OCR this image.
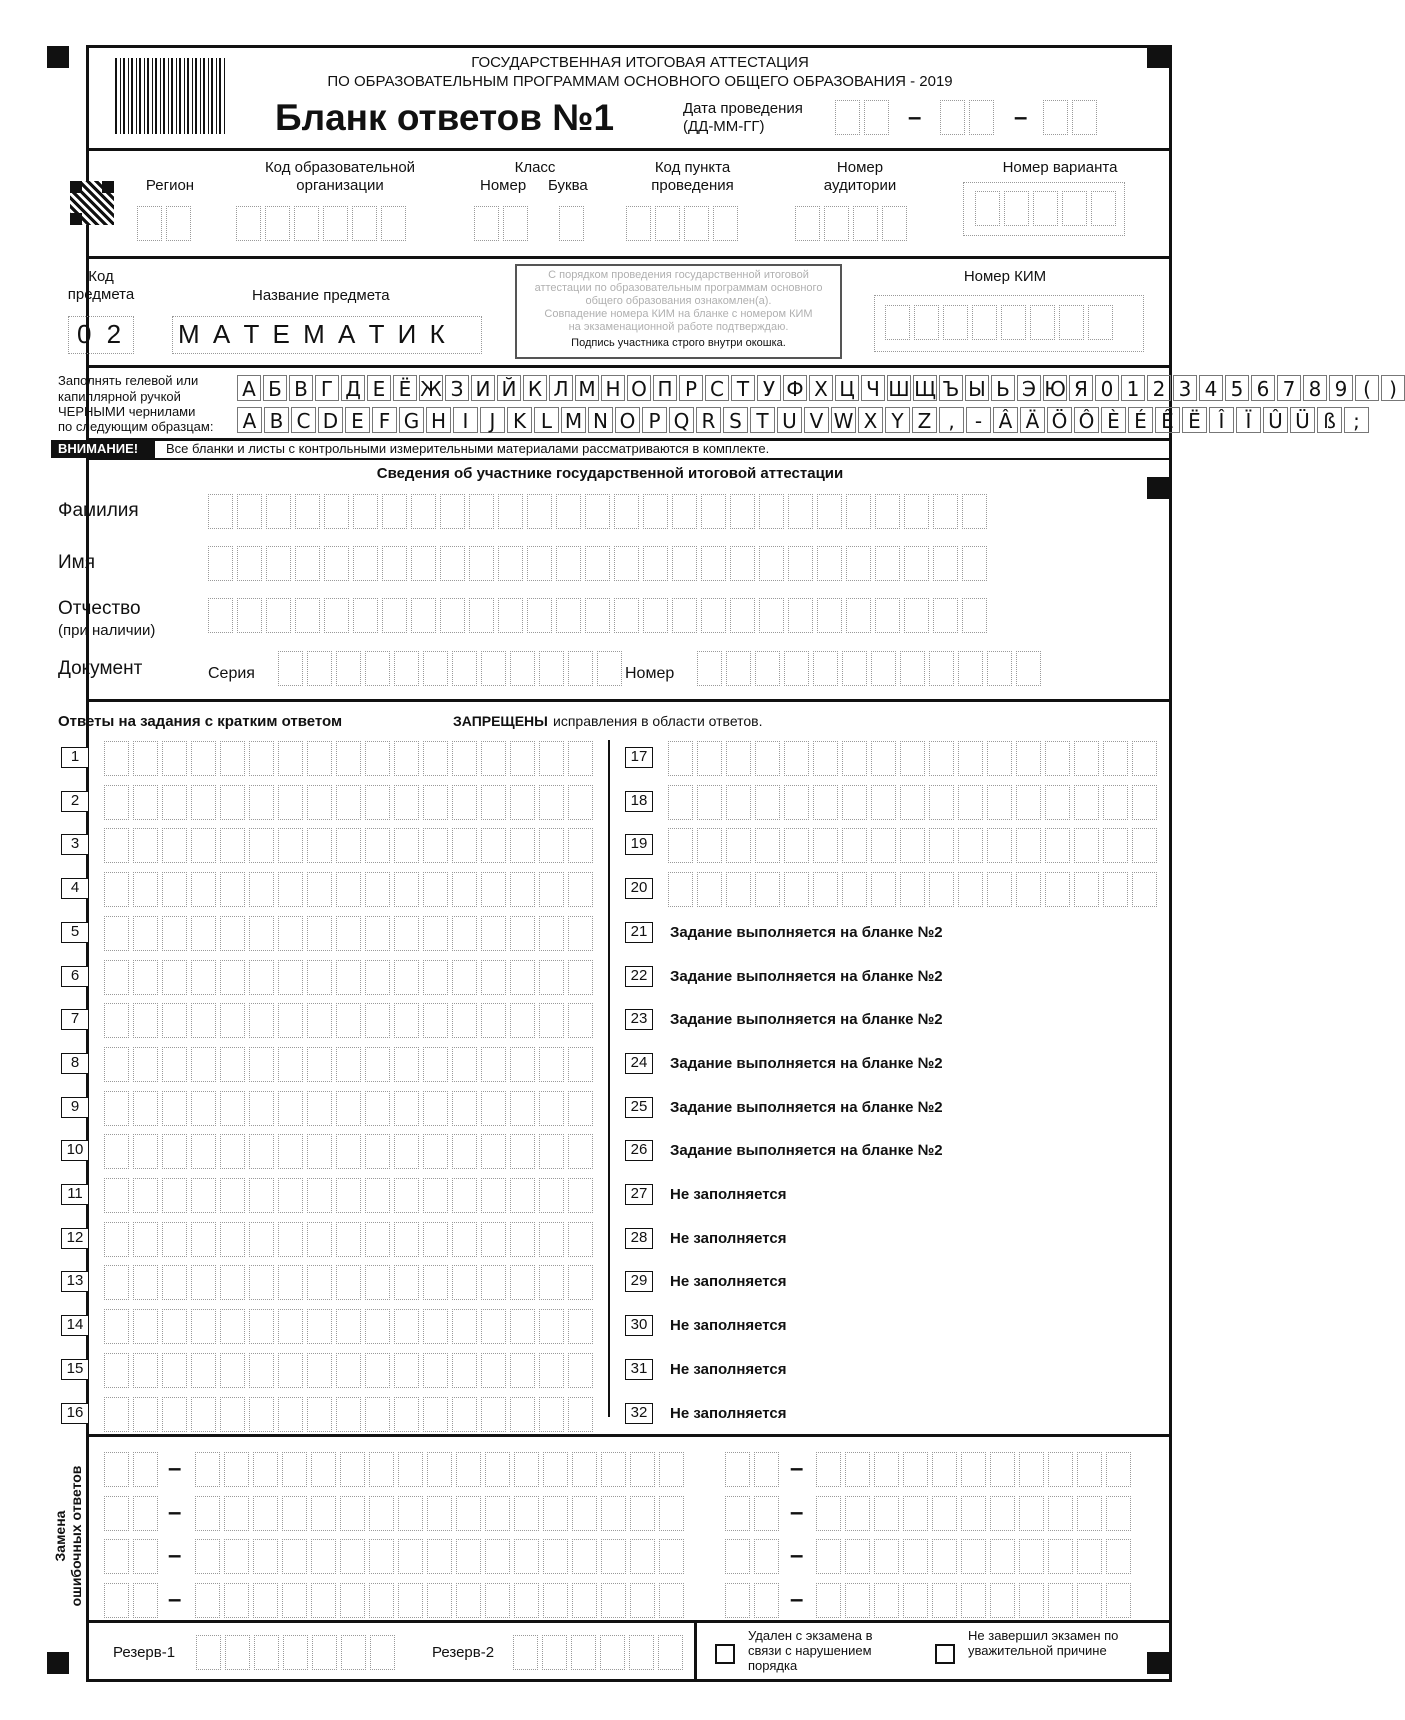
ГОСУДАРСТВЕННАЯ ИТОГОВАЯ АТТЕСТАЦИЯ
ПО ОБРАЗОВАТЕЛЬНЫМ ПРОГРАММАМ ОСНОВНОГО ОБЩЕГО ОБРАЗОВАНИЯ - 2019
Бланк ответов №1	Дата проведения
(ДД-ММ-ГГ)	–	–
Регион
Код образовательной организации
Класс
Номер Буква
Код пункта проведения
Номер аудитории
Номер варианта
Код предмета
0 2
Название предмета
М А Т Е М А Т И К
С порядком проведения государственной итоговой
аттестации по образовательным программам основного
общего образования ознакомлен(а).
Совпадение номера КИМ на бланке с номером КИМ
на экзаменационной работе подтверждаю.
Подпись участника строго внутри окошка.
Номер КИМ
Заполнять гелевой или
капиллярной ручкой
ЧЕРНЫМИ чернилами
по следующим образцам:
А Б В Г Д Е Ё Ж З И Й К Л М Н О П Р С Т У Ф Х Ц Ч Ш Щ Ъ Ы Ь Э Ю Я 0 1 2 3 4 5 6 7 8 9 ( )
A B C D E F G H I	J K L M N O P Q R S T U V W X Y Z ,	- Â Ä Ö Ô È É Ê Ë Î	Ï Û Ü ß ;
ВНИМАНИЕ! Все бланки и листы с контрольными измерительными материалами рассматриваются в комплекте.
Сведения об участнике государственной итоговой аттестации
Фамилия
Имя
Отчество
(при наличии)
Документ	Серия	Номер
Ответы на задания с кратким ответом	ЗАПРЕЩЕНЫ исправления в области ответов.
1
2
3
4
5
6
7
8
9
10
11
12
13
14
15
16
17
18
19
20
21	Задание выполняется на бланке №2
22	Задание выполняется на бланке №2
23	Задание выполняется на бланке №2
24	Задание выполняется на бланке №2
25	Задание выполняется на бланке №2
26	Задание выполняется на бланке №2
27	Не заполняется
28	Не заполняется
29	Не заполняется
30	Не заполняется
31	Не заполняется
32	Не заполняется
Замена ошибочных ответов
Резерв-1	Резерв-2
Удален с экзамена в связи с нарушением порядка
Не завершил экзамен по уважительной причине
–	–
–	–
–	–
–	–
